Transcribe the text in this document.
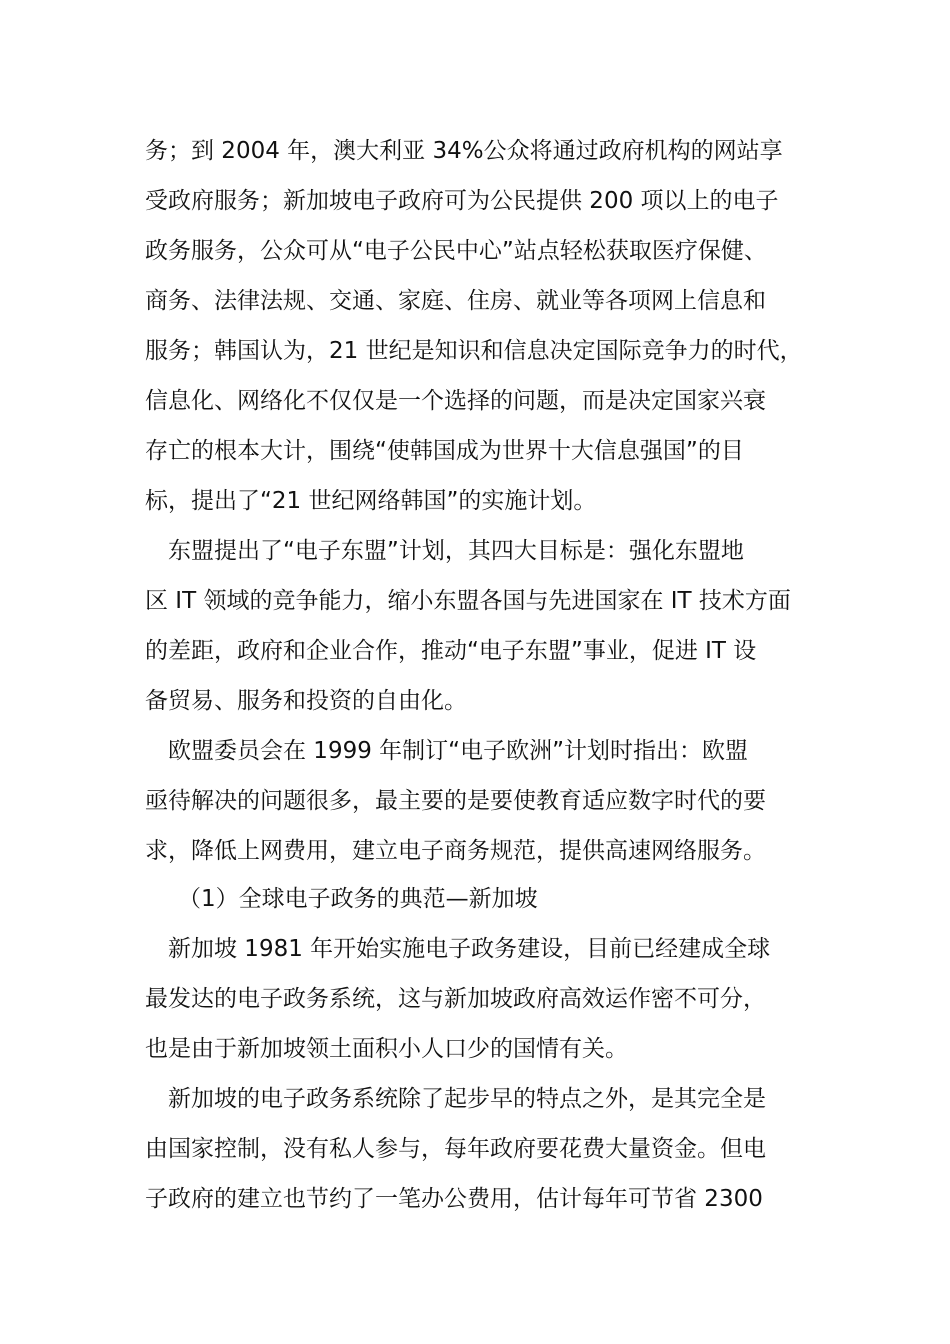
务；到 2004 年，澳大利亚 34%公众将通过政府机构的网站享
受政府服务；新加坡电子政府可为公民提供 200 项以上的电子
政务服务，公众可从“电子公民中心”站点轻松获取医疗保健、
商务、法律法规、交通、家庭、住房、就业等各项网上信息和
服务；韩国认为，21 世纪是知识和信息决定国际竞争力的时代，
信息化、网络化不仅仅是一个选择的问题，而是决定国家兴衰
存亡的根本大计，围绕“使韩国成为世界十大信息强国”的目
标，提出了“21 世纪网络韩国”的实施计划。
东盟提出了“电子东盟”计划，其四大目标是：强化东盟地
区 IT 领域的竞争能力，缩小东盟各国与先进国家在 IT 技术方面
的差距，政府和企业合作，推动“电子东盟”事业，促进 IT 设
备贸易、服务和投资的自由化。
欧盟委员会在 1999 年制订“电子欧洲”计划时指出：欧盟
亟待解决的问题很多，最主要的是要使教育适应数字时代的要
求，降低上网费用，建立电子商务规范，提供高速网络服务。
（1）全球电子政务的典范—新加坡
新加坡 1981 年开始实施电子政务建设，目前已经建成全球
最发达的电子政务系统，这与新加坡政府高效运作密不可分，
也是由于新加坡领土面积小人口少的国情有关。
新加坡的电子政务系统除了起步早的特点之外，是其完全是
由国家控制，没有私人参与，每年政府要花费大量资金。但电
子政府的建立也节约了一笔办公费用，估计每年可节省 2300
